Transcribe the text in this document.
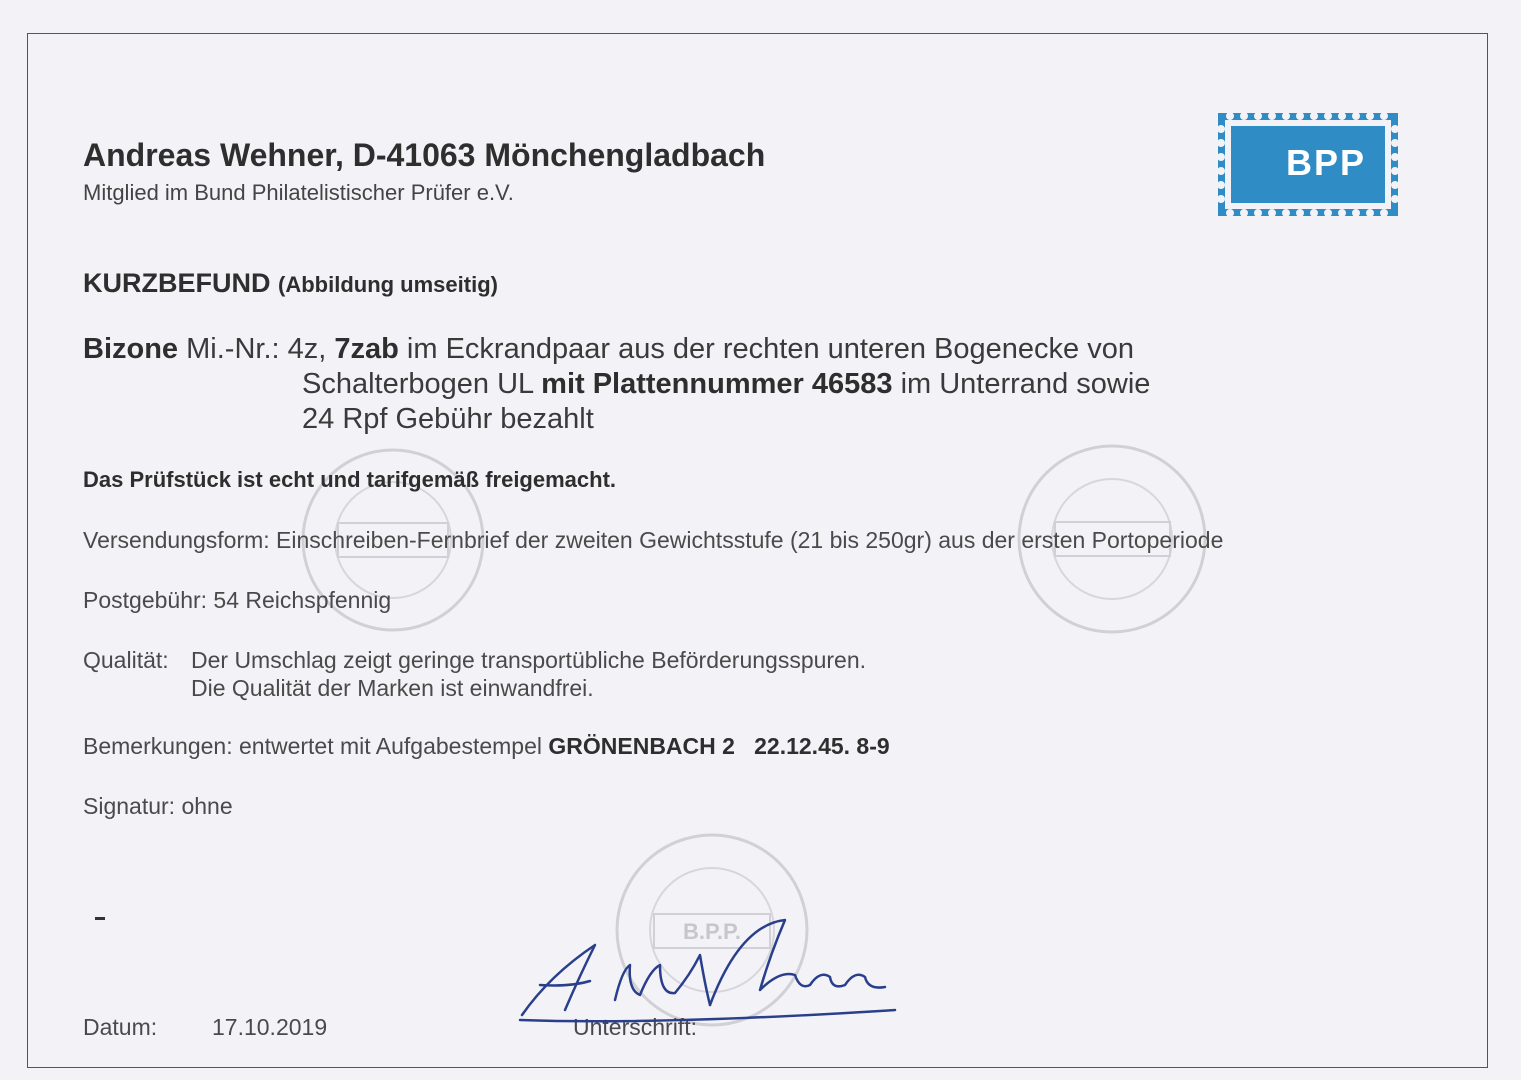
BPP
B.P.P.
Andreas Wehner, D-41063 Mönchengladbach
Mitglied im Bund Philatelistischer Prüfer e.V.
KURZBEFUND (Abbildung umseitig)
Bizone Mi.-Nr.: 4z, 7zab im Eckrandpaar aus der rechten unteren Bogenecke von
Schalterbogen UL mit Plattennummer 46583 im Unterrand sowie
24 Rpf Gebühr bezahlt
Das Prüfstück ist echt und tarifgemäß freigemacht.
Versendungsform: Einschreiben-Fernbrief der zweiten Gewichtsstufe (21 bis 250gr) aus der ersten Portoperiode
Postgebühr: 54 Reichspfennig
Qualität: Der Umschlag zeigt geringe transportübliche Beförderungsspuren.
Die Qualität der Marken ist einwandfrei.
Bemerkungen: entwertet mit Aufgabestempel GRÖNENBACH 2   22.12.45. 8-9
Signatur: ohne
Datum: 17.10.2019	Unterschrift:
